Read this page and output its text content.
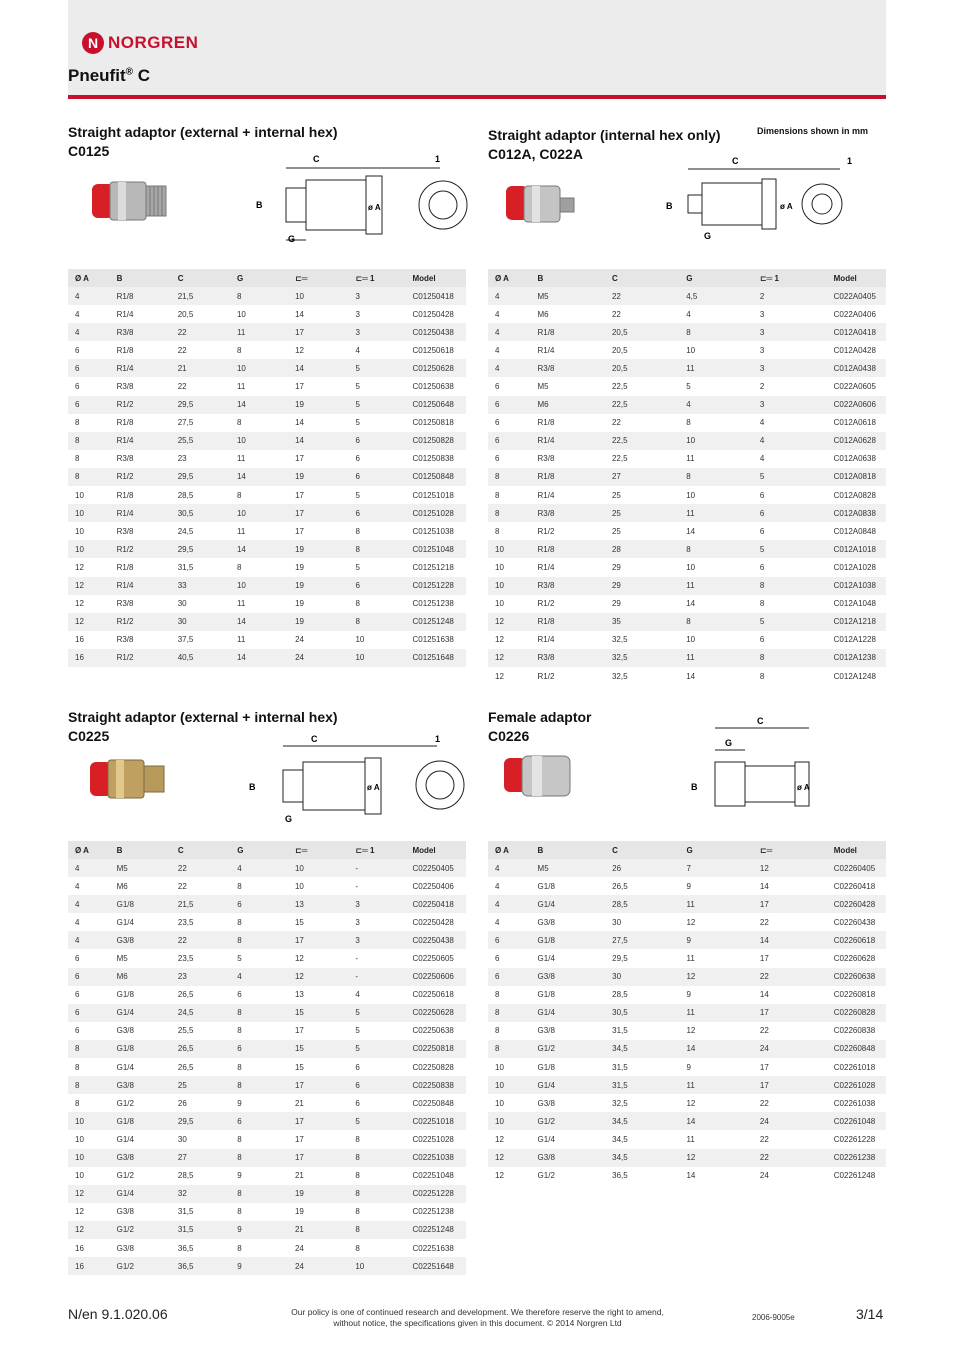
N NORGREN
Pneufit® C
Straight adaptor (external + internal hex)
C0125
Straight adaptor (internal hex only)
C012A, C022A
Dimensions shown in mm
Straight adaptor (external + internal hex)
C0225
Female adaptor
C0226
C
B
G
ø A
1	C
B
G
ø A
1
C
B
G
ø A
1
C
G
B	ø A
Ø A	B	C	G	⊏═	⊏═ 1	Model
4	R1/8	21,5	8	10	3	C01250418
4	R1/4	20,5	10	14	3	C01250428
4	R3/8	22	11	17	3	C01250438
6	R1/8	22	8	12	4	C01250618
6	R1/4	21	10	14	5	C01250628
6	R3/8	22	11	17	5	C01250638
6	R1/2	29,5	14	19	5	C01250648
8	R1/8	27,5	8	14	5	C01250818
8	R1/4	25,5	10	14	6	C01250828
8	R3/8	23	11	17	6	C01250838
8	R1/2	29,5	14	19	6	C01250848
10	R1/8	28,5	8	17	5	C01251018
10	R1/4	30,5	10	17	6	C01251028
10	R3/8	24,5	11	17	8	C01251038
10	R1/2	29,5	14	19	8	C01251048
12	R1/8	31,5	8	19	5	C01251218
12	R1/4	33	10	19	6	C01251228
12	R3/8	30	11	19	8	C01251238
12	R1/2	30	14	19	8	C01251248
16	R3/8	37,5	11	24	10	C01251638
16	R1/2	40,5	14	24	10	C01251648
Ø A	B	C	G	⊏═ 1	Model
4	M5	22	4,5	2	C022A0405
4	M6	22	4	3	C022A0406
4	R1/8	20,5	8	3	C012A0418
4	R1/4	20,5	10	3	C012A0428
4	R3/8	20,5	11	3	C012A0438
6	M5	22,5	5	2	C022A0605
6	M6	22,5	4	3	C022A0606
6	R1/8	22	8	4	C012A0618
6	R1/4	22,5	10	4	C012A0628
6	R3/8	22,5	11	4	C012A0638
8	R1/8	27	8	5	C012A0818
8	R1/4	25	10	6	C012A0828
8	R3/8	25	11	6	C012A0838
8	R1/2	25	14	6	C012A0848
10	R1/8	28	8	5	C012A1018
10	R1/4	29	10	6	C012A1028
10	R3/8	29	11	8	C012A1038
10	R1/2	29	14	8	C012A1048
12	R1/8	35	8	5	C012A1218
12	R1/4	32,5	10	6	C012A1228
12	R3/8	32,5	11	8	C012A1238
12	R1/2	32,5	14	8	C012A1248
Ø A	B	C	G	⊏═	⊏═ 1	Model
4	M5	22	4	10	-	C02250405
4	M6	22	8	10	-	C02250406
4	G1/8	21,5	6	13	3	C02250418
4	G1/4	23,5	8	15	3	C02250428
4	G3/8	22	8	17	3	C02250438
6	M5	23,5	5	12	-	C02250605
6	M6	23	4	12	-	C02250606
6	G1/8	26,5	6	13	4	C02250618
6	G1/4	24,5	8	15	5	C02250628
6	G3/8	25,5	8	17	5	C02250638
8	G1/8	26,5	6	15	5	C02250818
8	G1/4	26,5	8	15	6	C02250828
8	G3/8	25	8	17	6	C02250838
8	G1/2	26	9	21	6	C02250848
10	G1/8	29,5	6	17	5	C02251018
10	G1/4	30	8	17	8	C02251028
10	G3/8	27	8	17	8	C02251038
10	G1/2	28,5	9	21	8	C02251048
12	G1/4	32	8	19	8	C02251228
12	G3/8	31,5	8	19	8	C02251238
12	G1/2	31,5	9	21	8	C02251248
16	G3/8	36,5	8	24	8	C02251638
16	G1/2	36,5	9	24	10	C02251648
Ø A	B	C	G	⊏═	Model
4	M5	26	7	12	C02260405
4	G1/8	26,5	9	14	C02260418
4	G1/4	28,5	11	17	C02260428
4	G3/8	30	12	22	C02260438
6	G1/8	27,5	9	14	C02260618
6	G1/4	29,5	11	17	C02260628
6	G3/8	30	12	22	C02260638
8	G1/8	28,5	9	14	C02260818
8	G1/4	30,5	11	17	C02260828
8	G3/8	31,5	12	22	C02260838
8	G1/2	34,5	14	24	C02260848
10	G1/8	31,5	9	17	C02261018
10	G1/4	31,5	11	17	C02261028
10	G3/8	32,5	12	22	C02261038
10	G1/2	34,5	14	24	C02261048
12	G1/4	34,5	11	22	C02261228
12	G3/8	34,5	12	22	C02261238
12	G1/2	36,5	14	24	C02261248
N/en 9.1.020.06	Our policy is one of continued research and development. We therefore reserve the right to amend,
without notice, the specifications given in this document. © 2014 Norgren Ltd
2006-9005e	3/14
